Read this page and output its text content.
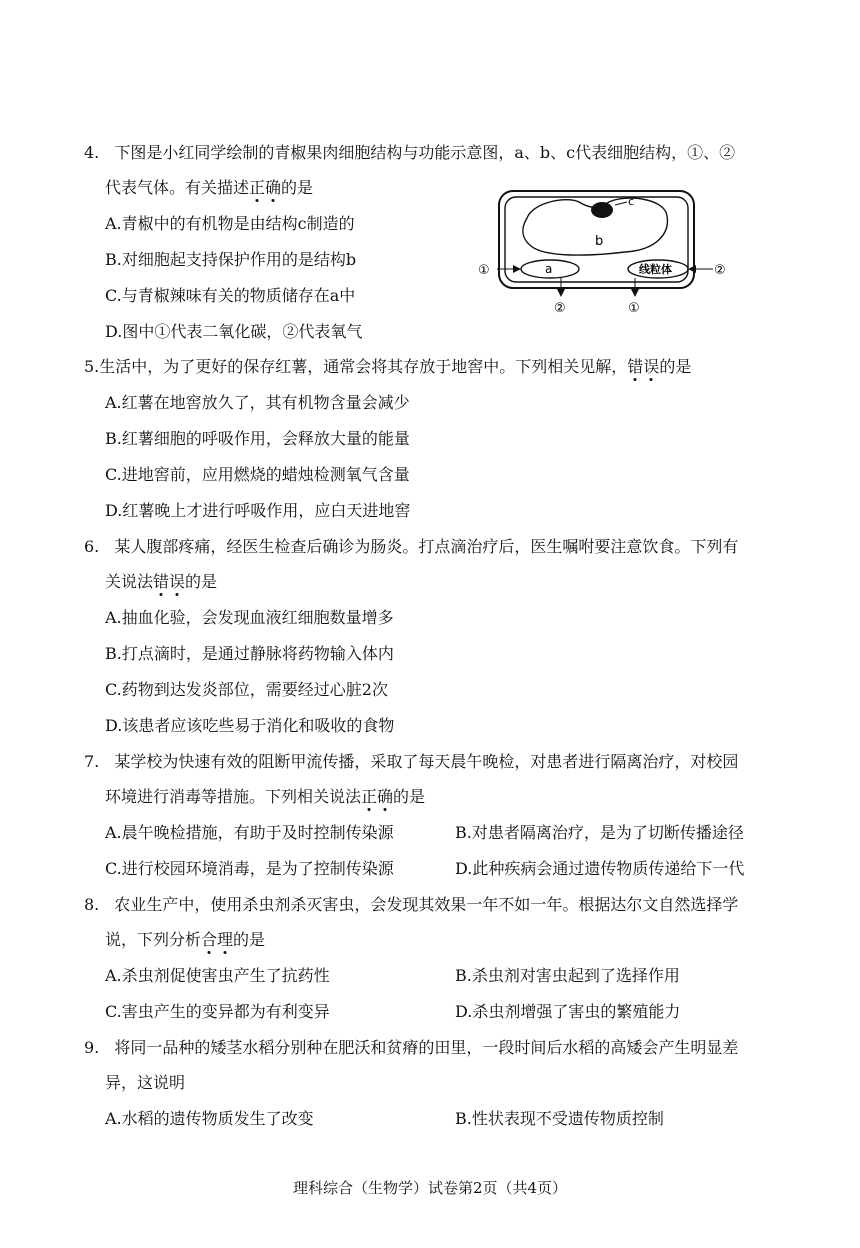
4. 下图是小红同学绘制的青椒果肉细胞结构与功能示意图，a、b、c代表细胞结构，①、②
代表气体。有关描述正确的是
A.青椒中的有机物是由结构c制造的
B.对细胞起支持保护作用的是结构b
C.与青椒辣味有关的物质储存在a中
D.图中①代表二氧化碳，②代表氧气
c
b
a	线粒体
①
②	①
②
5.生活中，为了更好的保存红薯，通常会将其存放于地窖中。下列相关见解，错误的是
A.红薯在地窖放久了，其有机物含量会减少
B.红薯细胞的呼吸作用，会释放大量的能量
C.进地窖前，应用燃烧的蜡烛检测氧气含量
D.红薯晚上才进行呼吸作用，应白天进地窖
6. 某人腹部疼痛，经医生检查后确诊为肠炎。打点滴治疗后，医生嘱咐要注意饮食。下列有
关说法错误的是
A.抽血化验，会发现血液红细胞数量增多
B.打点滴时，是通过静脉将药物输入体内
C.药物到达发炎部位，需要经过心脏2次
D.该患者应该吃些易于消化和吸收的食物
7. 某学校为快速有效的阻断甲流传播，采取了每天晨午晚检，对患者进行隔离治疗，对校园
环境进行消毒等措施。下列相关说法正确的是
A.晨午晚检措施，有助于及时控制传染源	B.对患者隔离治疗，是为了切断传播途径
C.进行校园环境消毒，是为了控制传染源	D.此种疾病会通过遗传物质传递给下一代
8. 农业生产中，使用杀虫剂杀灭害虫，会发现其效果一年不如一年。根据达尔文自然选择学
说，下列分析合理的是
A.杀虫剂促使害虫产生了抗药性	B.杀虫剂对害虫起到了选择作用
C.害虫产生的变异都为有利变异	D.杀虫剂增强了害虫的繁殖能力
9. 将同一品种的矮茎水稻分别种在肥沃和贫瘠的田里，一段时间后水稻的高矮会产生明显差
异，这说明
A.水稻的遗传物质发生了改变	B.性状表现不受遗传物质控制
理科综合（生物学）试卷第2页（共4页）
